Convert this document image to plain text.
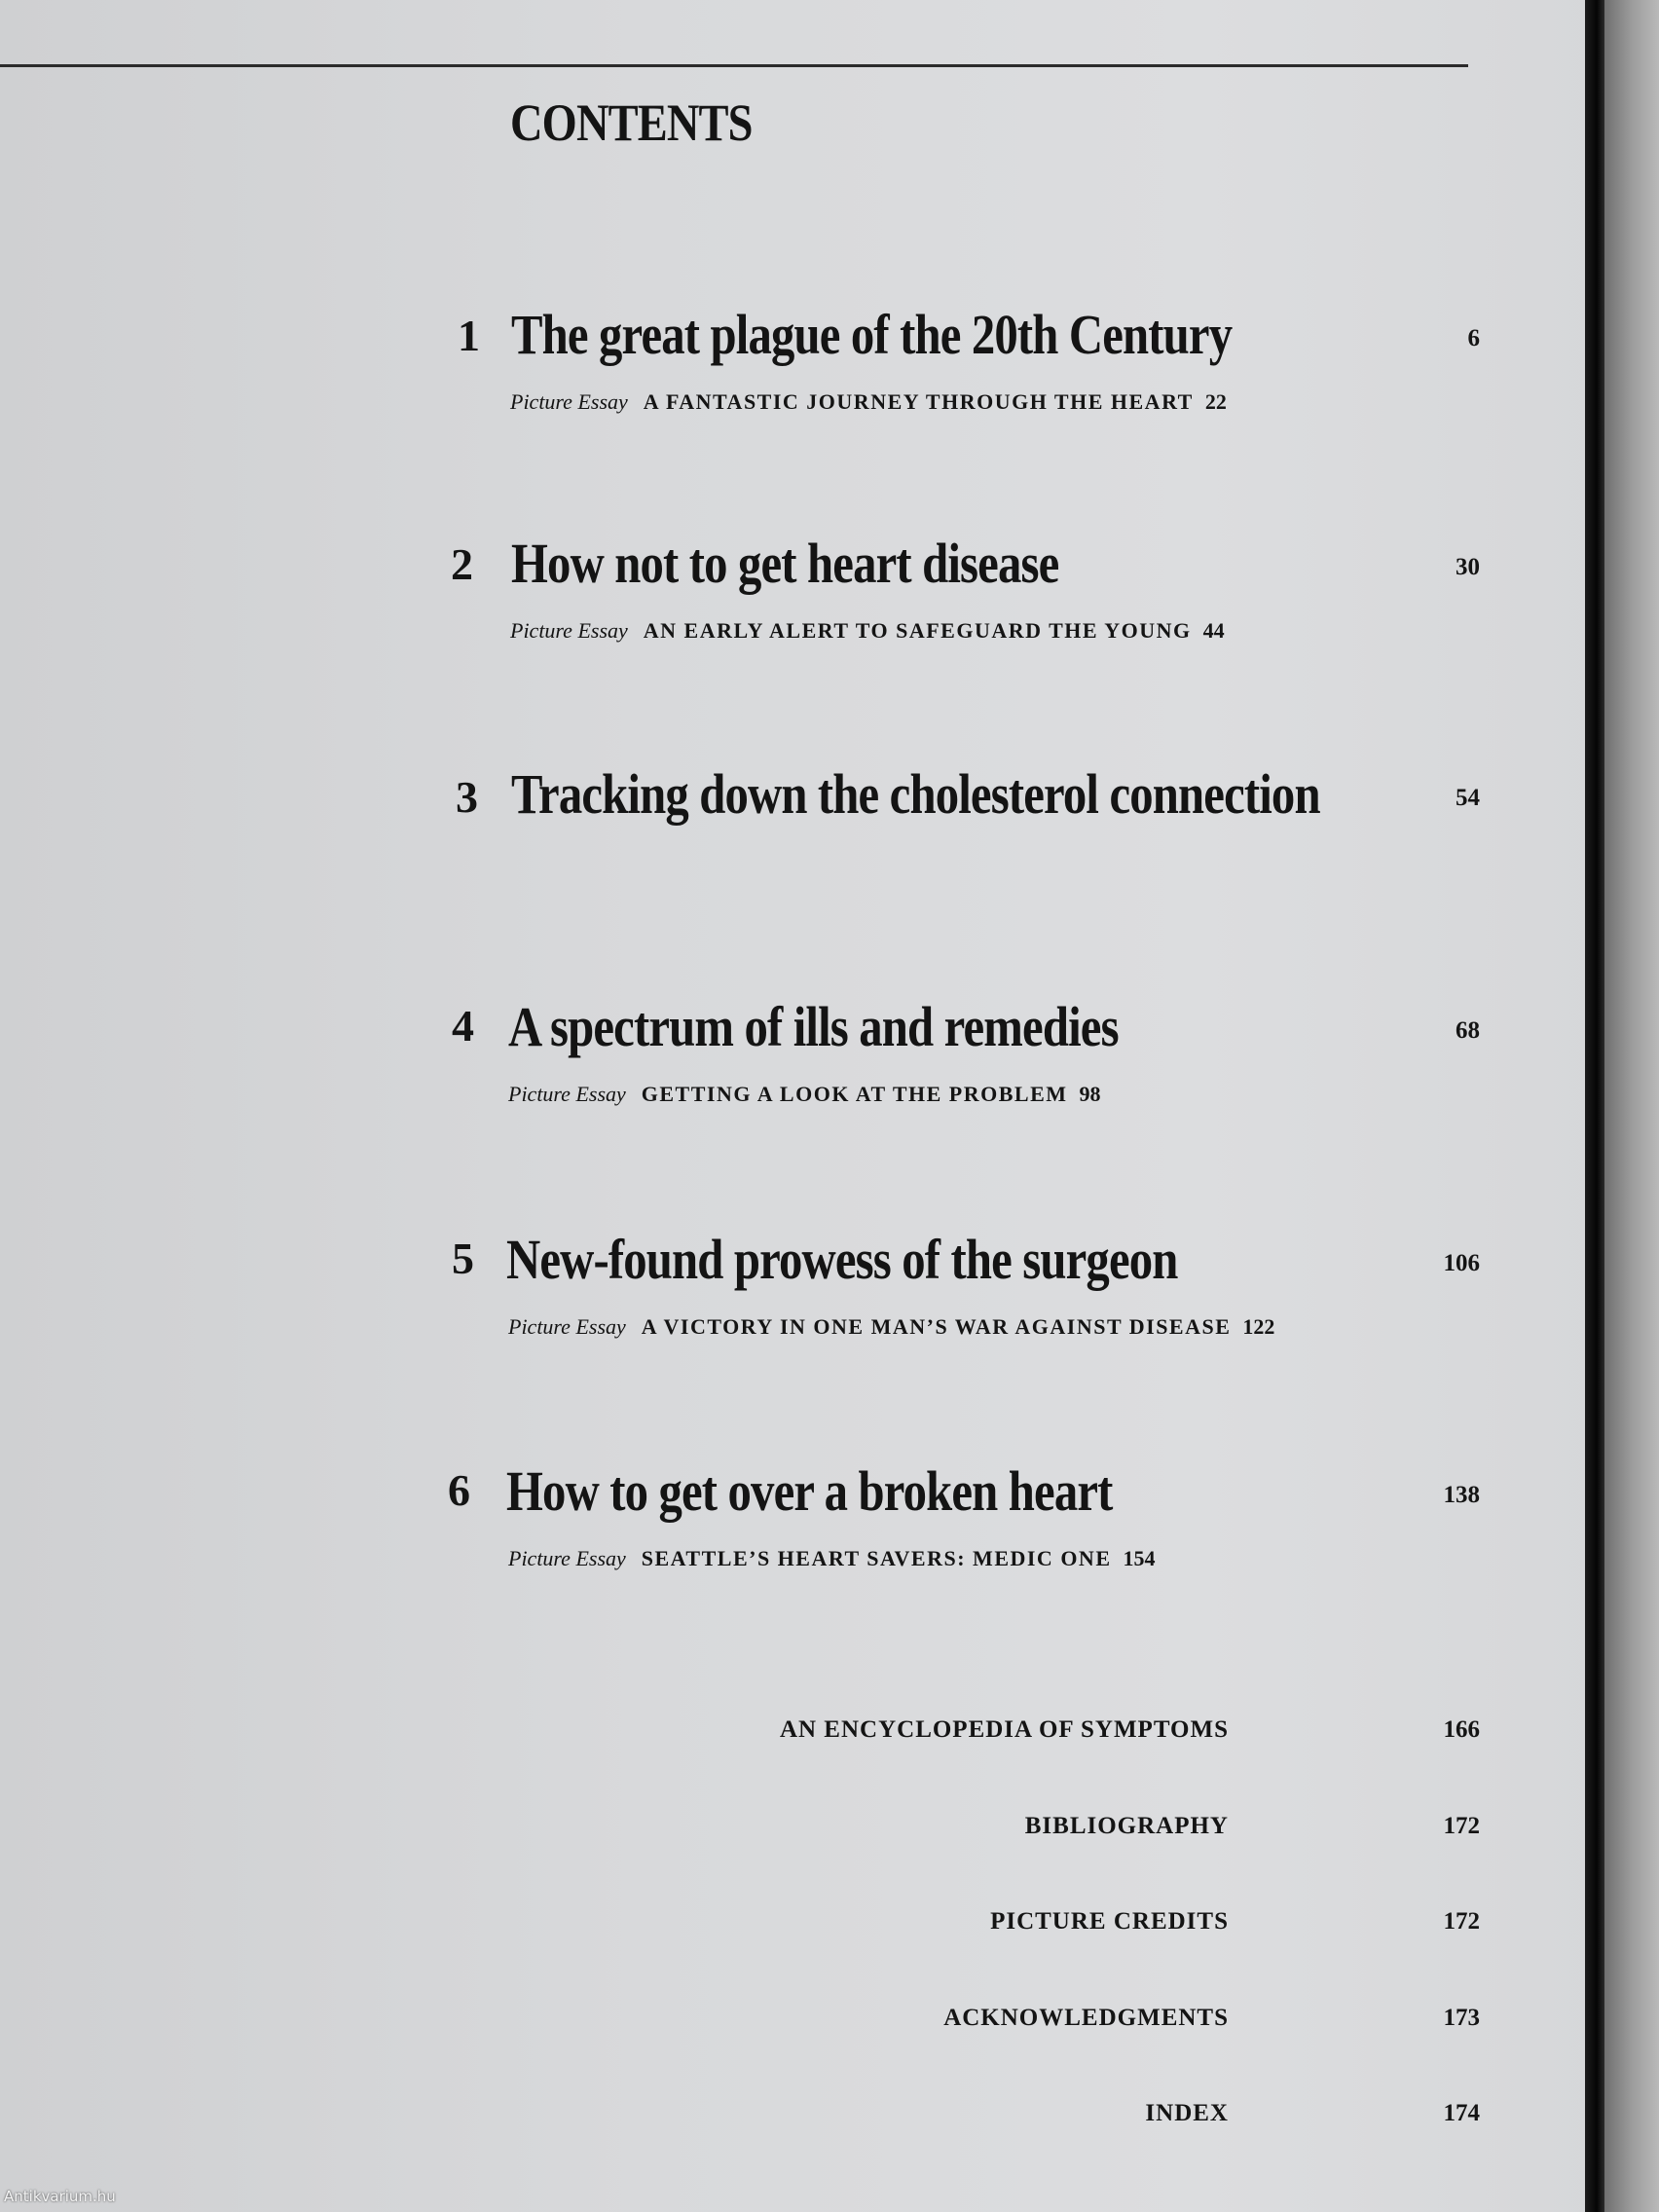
CONTENTS
1 The great plague of the 20th Century	6
Picture Essay A FANTASTIC JOURNEY THROUGH THE HEART 22
2 How not to get heart disease	30
Picture Essay AN EARLY ALERT TO SAFEGUARD THE YOUNG 44
3 Tracking down the cholesterol connection	54
4 A spectrum of ills and remedies	68
Picture Essay GETTING A LOOK AT THE PROBLEM 98
5 New-found prowess of the surgeon	106
Picture Essay A VICTORY IN ONE MAN’S WAR AGAINST DISEASE 122
6 How to get over a broken heart	138
Picture Essay SEATTLE’S HEART SAVERS: MEDIC ONE 154
AN ENCYCLOPEDIA OF SYMPTOMS	166
BIBLIOGRAPHY	172
PICTURE CREDITS	172
ACKNOWLEDGMENTS	173
INDEX	174
Antikvarium.hu
